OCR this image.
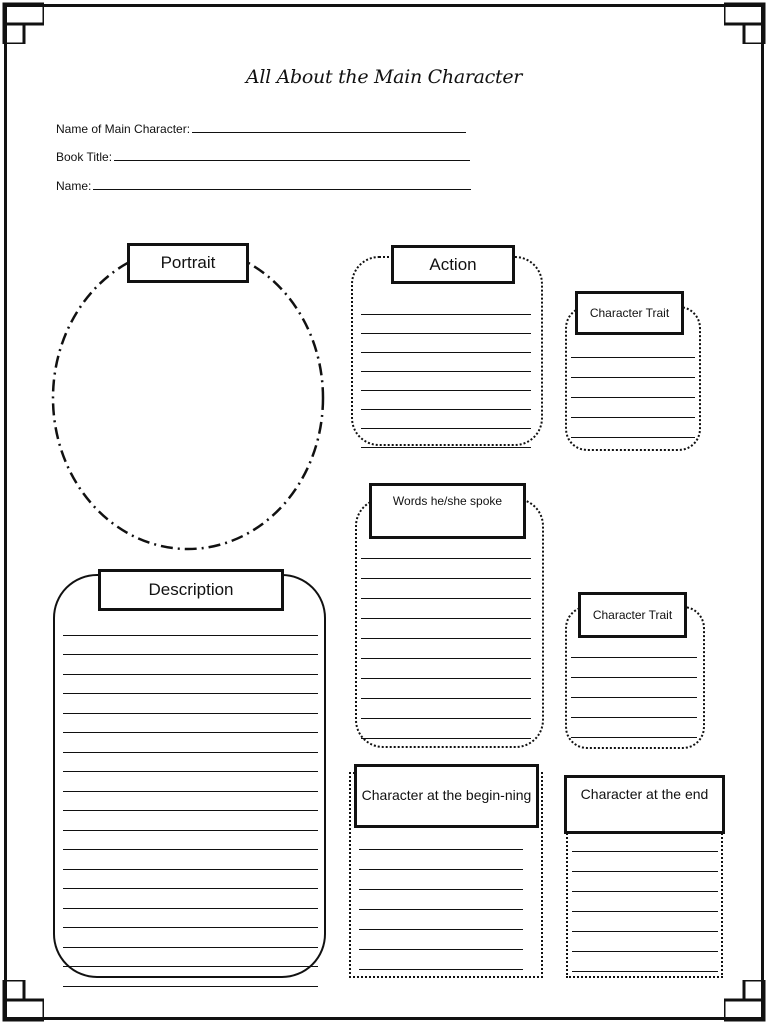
All About the Main Character
Name of Main Character:
Book Title:
Name:
Portrait	Action
Character Trait
Words he/she spoke
Description
Character Trait
Character at the begin-ning	Character at the end
